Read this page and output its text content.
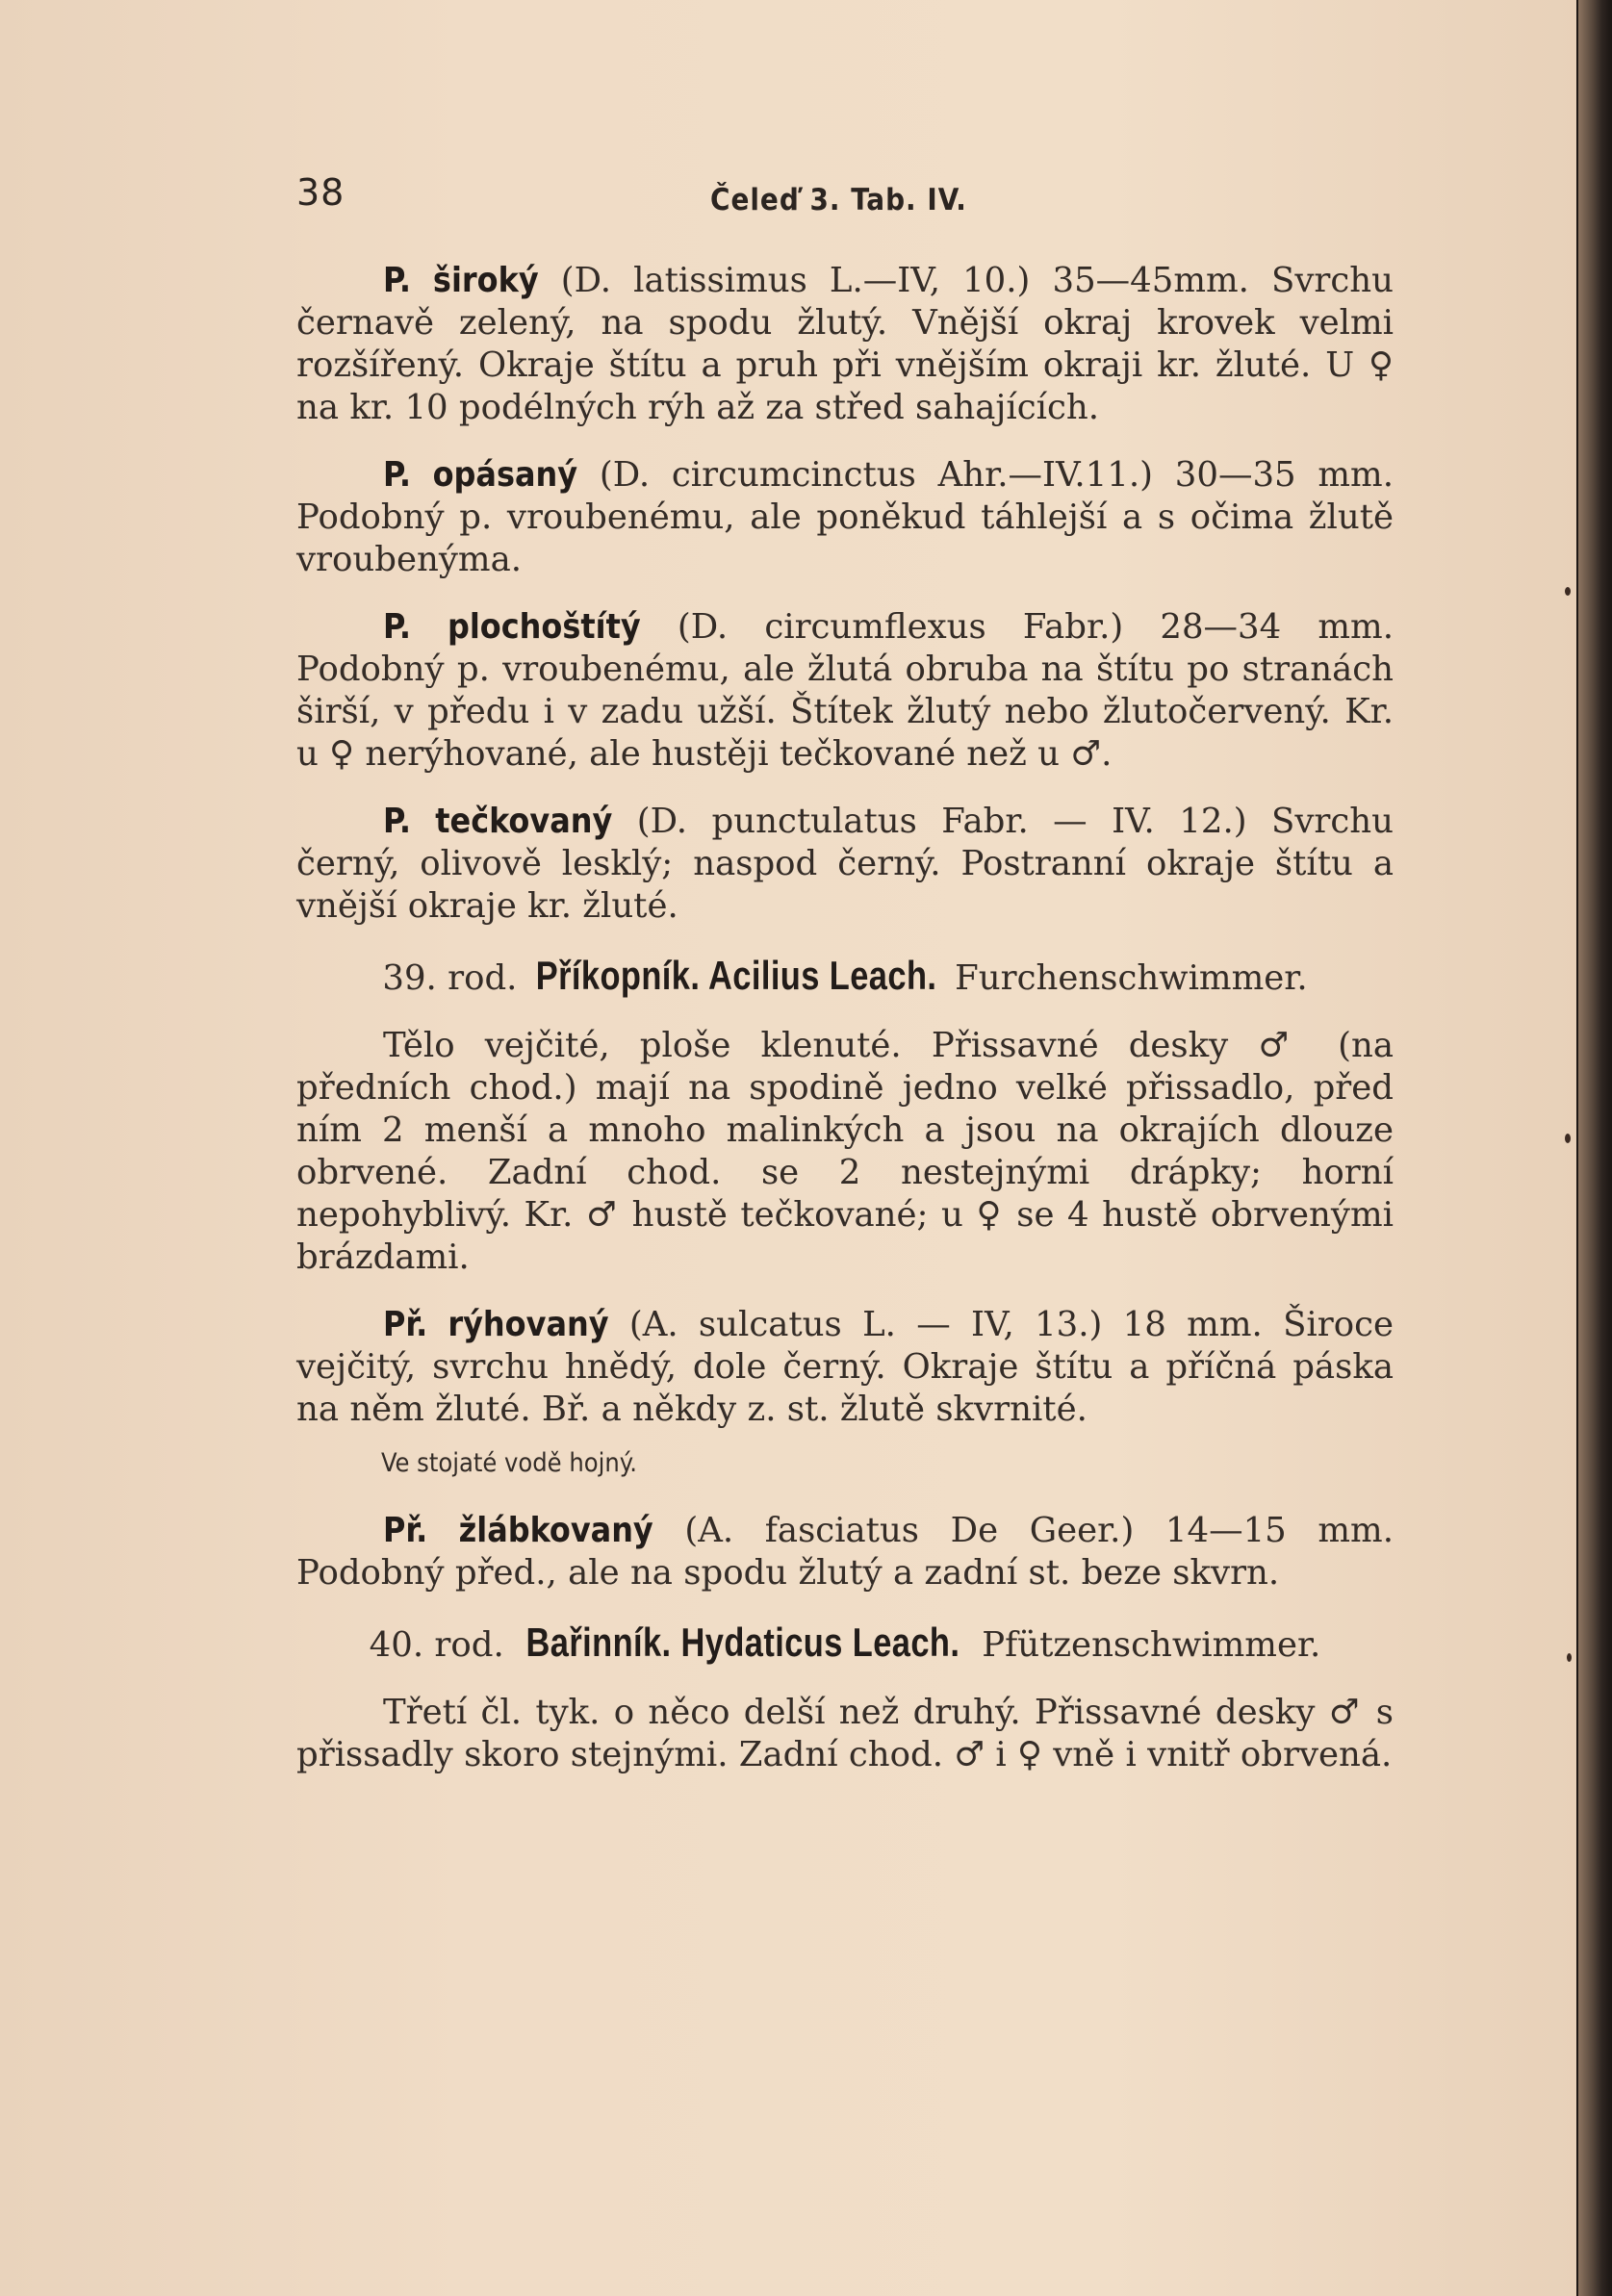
38	Čeleď 3. Tab. IV.

P. široký (D. latissimus L.—IV, 10.) 35—45mm. Svrchu černavě zelený, na spodu žlutý. Vnější okraj krovek velmi rozšířený. Okraje štítu a pruh při vnějším okraji kr. žluté. U ♀ na kr. 10 podélných rýh až za střed sahajících.

P. opásaný (D. circumcinctus Ahr.—IV.11.) 30—35 mm. Podobný p. vroubenému, ale poněkud táhlejší a s očima žlutě vroubenýma.

P. plochoštítý (D. circumflexus Fabr.) 28—34 mm. Podobný p. vroubenému, ale žlutá obruba na štítu po stranách širší, v předu i v zadu užší. Štítek žlutý nebo žlutočervený. Kr. u ♀ nerýhované, ale hustěji tečkované než u ♂.

P. tečkovaný (D. punctulatus Fabr. — IV. 12.) Svrchu černý, olivově lesklý; naspod černý. Postranní okraje štítu a vnější okraje kr. žluté.

39. rod. Příkopník. Acilius Leach. Furchenschwimmer.

Tělo vejčité, ploše klenuté. Přissavné desky ♂ (na předních chod.) mají na spodině jedno velké přissadlo, před ním 2 menší a mnoho malinkých a jsou na okrajích dlouze obrvené. Zadní chod. se 2 nestejnými drápky; horní nepohyblivý. Kr. ♂ hustě tečkované; u ♀ se 4 hustě obrvenými brázdami.

Př. rýhovaný (A. sulcatus L. — IV, 13.) 18 mm. Široce vejčitý, svrchu hnědý, dole černý. Okraje štítu a příčná páska na něm žluté. Bř. a někdy z. st. žlutě skvrnité.

Ve stojaté vodě hojný.

Př. žlábkovaný (A. fasciatus De Geer.) 14—15 mm. Podobný před., ale na spodu žlutý a zadní st. beze skvrn.

40. rod. Bařinník. Hydaticus Leach. Pfützenschwimmer.

Třetí čl. tyk. o něco delší než druhý. Přissavné desky ♂ s přissadly skoro stejnými. Zadní chod. ♂ i ♀ vně i vnitř obrvená.
